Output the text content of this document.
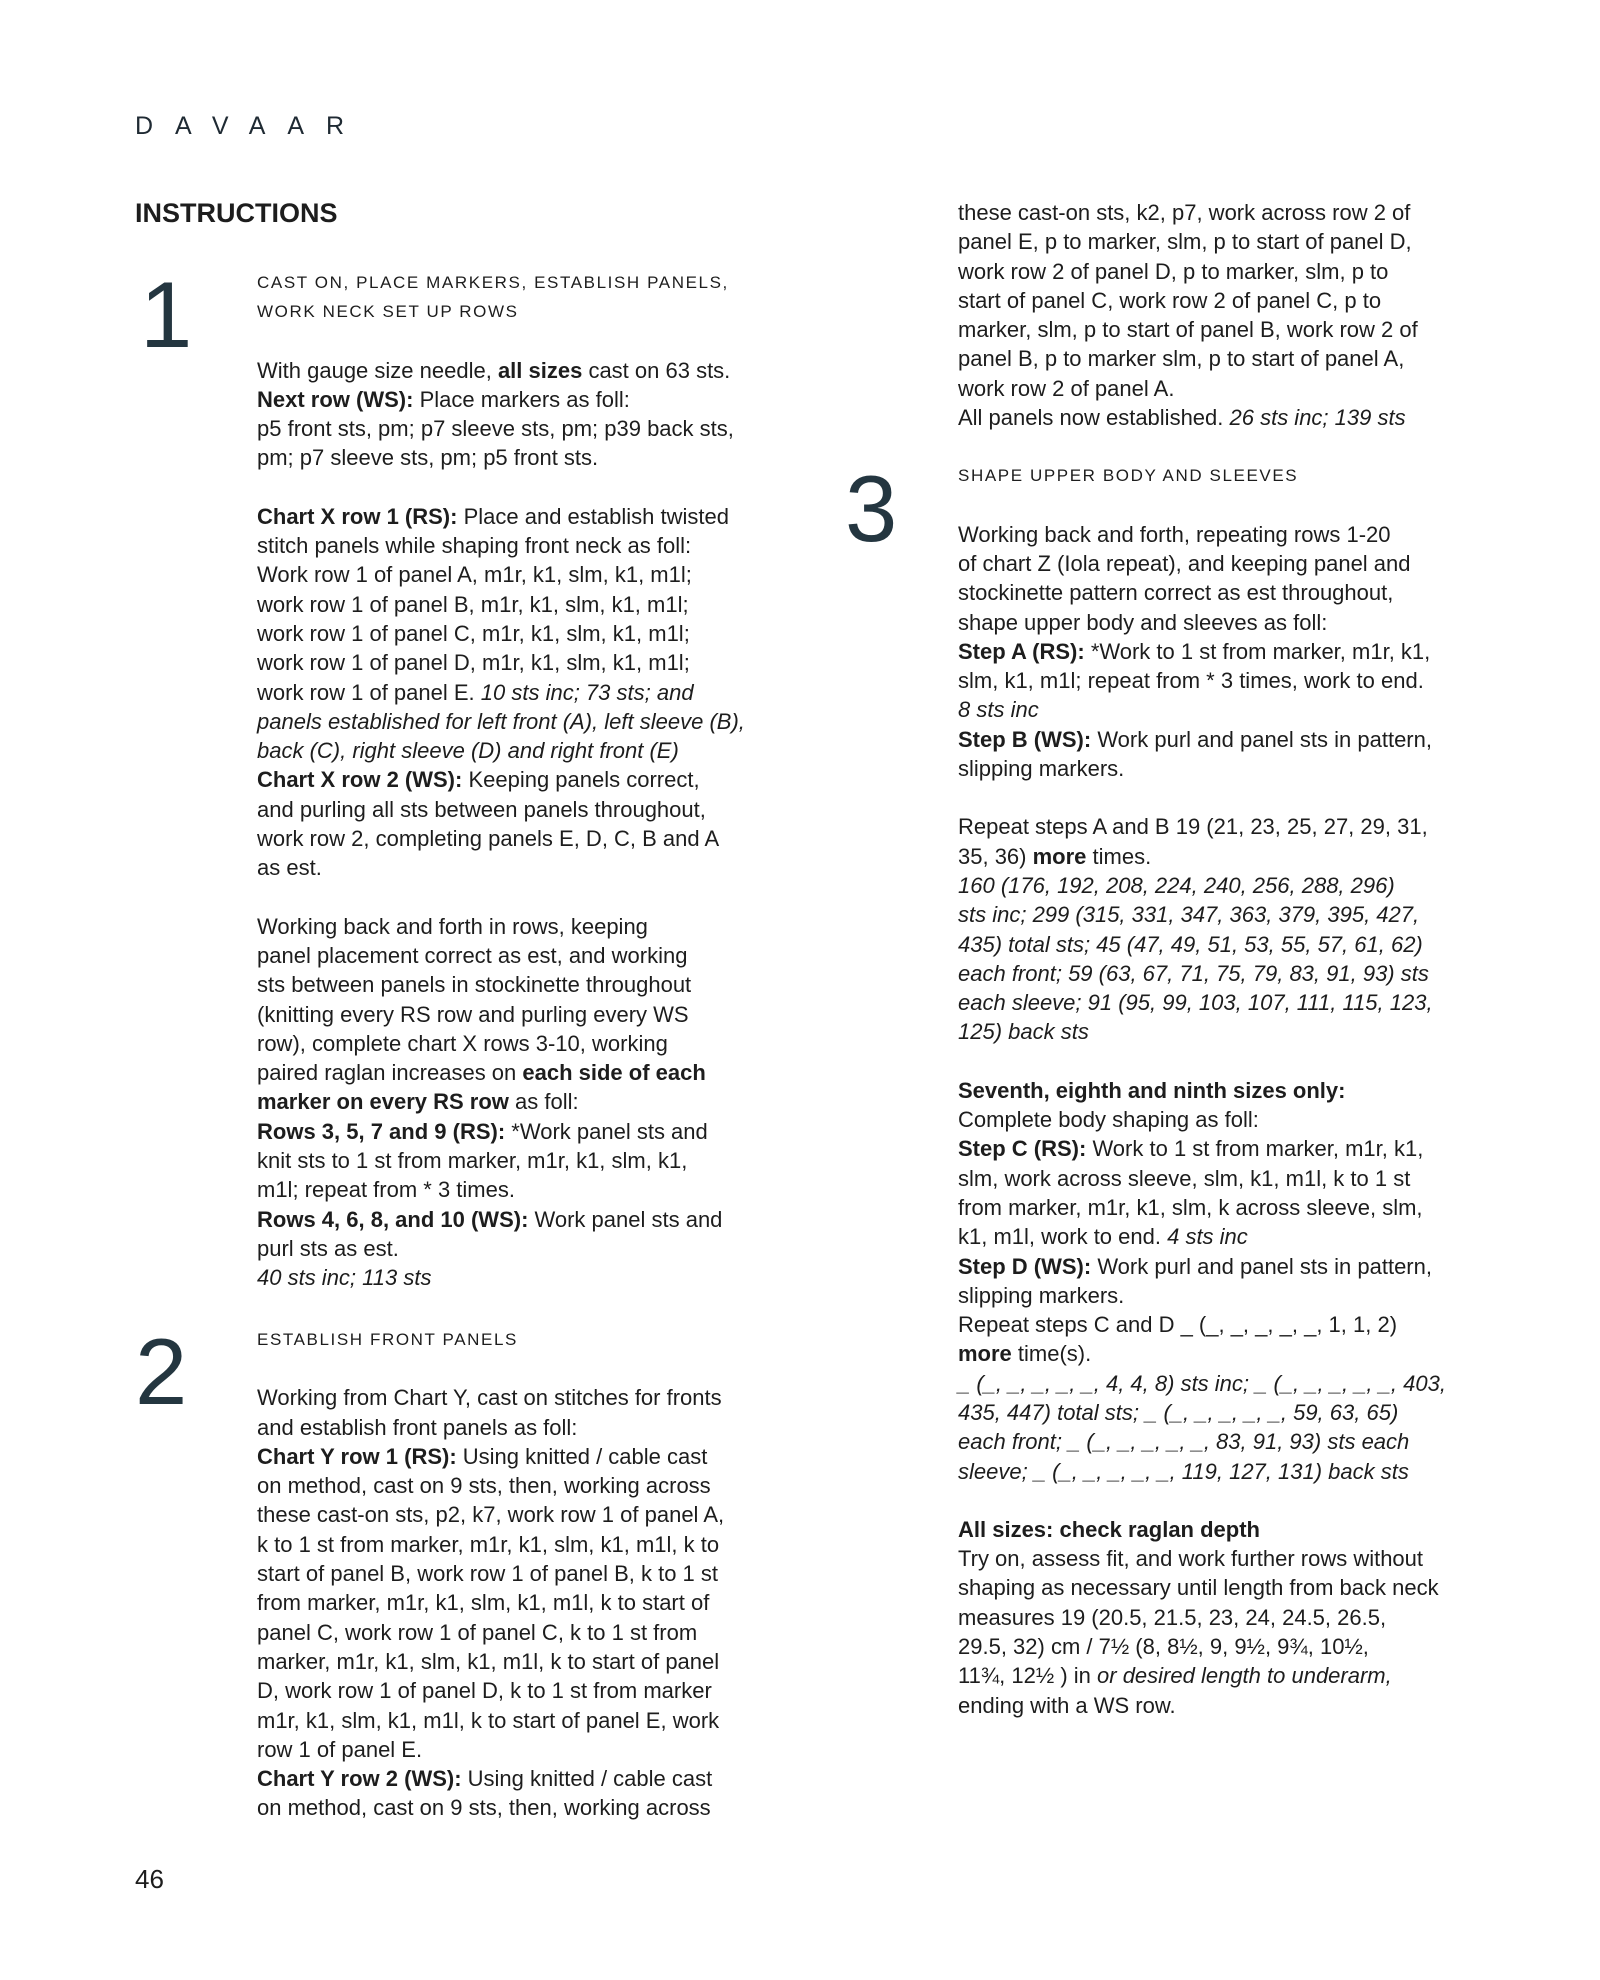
DAVAAR
INSTRUCTIONS
1
2
3
CAST ON, PLACE MARKERS, ESTABLISH PANELS,
WORK NECK SET UP ROWS

With gauge size needle, all sizes cast on 63 sts.

Next row (WS): Place markers as foll:

p5 front sts, pm; p7 sleeve sts, pm; p39 back sts,

pm; p7 sleeve sts, pm; p5 front sts.

Chart X row 1 (RS): Place and establish twisted

stitch panels while shaping front neck as foll:

Work row 1 of panel A, m1r, k1, slm, k1, m1l;

work row 1 of panel B, m1r, k1, slm, k1, m1l;

work row 1 of panel C, m1r, k1, slm, k1, m1l;

work row 1 of panel D, m1r, k1, slm, k1, m1l;

work row 1 of panel E. 10 sts inc; 73 sts; and

panels established for left front (A), left sleeve (B),

back (C), right sleeve (D) and right front (E)

Chart X row 2 (WS): Keeping panels correct,

and purling all sts between panels throughout,

work row 2, completing panels E, D, C, B and A

as est.

Working back and forth in rows, keeping

panel placement correct as est, and working

sts between panels in stockinette throughout

(knitting every RS row and purling every WS

row), complete chart X rows 3-10, working

paired raglan increases on each side of each

marker on every RS row as foll:

Rows 3, 5, 7 and 9 (RS): *Work panel sts and

knit sts to 1 st from marker, m1r, k1, slm, k1,

m1l; repeat from * 3 times.

Rows 4, 6, 8, and 10 (WS): Work panel sts and

purl sts as est.

40 sts inc; 113 sts

ESTABLISH FRONT PANELS

Working from Chart Y, cast on stitches for fronts

and establish front panels as foll:

Chart Y row 1 (RS): Using knitted / cable cast

on method, cast on 9 sts, then, working across

these cast-on sts, p2, k7, work row 1 of panel A,

k to 1 st from marker, m1r, k1, slm, k1, m1l, k to

start of panel B, work row 1 of panel B, k to 1 st

from marker, m1r, k1, slm, k1, m1l, k to start of

panel C, work row 1 of panel C, k to 1 st from

marker, m1r, k1, slm, k1, m1l, k to start of panel

D, work row 1 of panel D, k to 1 st from marker

m1r, k1, slm, k1, m1l, k to start of panel E, work

row 1 of panel E.

Chart Y row 2 (WS): Using knitted / cable cast

on method, cast on 9 sts, then, working across

these cast-on sts, k2, p7, work across row 2 of

panel E, p to marker, slm, p to start of panel D,

work row 2 of panel D, p to marker, slm, p to

start of panel C, work row 2 of panel C, p to

marker, slm, p to start of panel B, work row 2 of

panel B, p to marker slm, p to start of panel A,

work row 2 of panel A.

All panels now established. 26 sts inc; 139 sts

SHAPE UPPER BODY AND SLEEVES

Working back and forth, repeating rows 1-20

of chart Z (Iola repeat), and keeping panel and

stockinette pattern correct as est throughout,

shape upper body and sleeves as foll:

Step A (RS): *Work to 1 st from marker, m1r, k1,

slm, k1, m1l; repeat from * 3 times, work to end.

8 sts inc

Step B (WS): Work purl and panel sts in pattern,

slipping markers.

Repeat steps A and B 19 (21, 23, 25, 27, 29, 31,

35, 36) more times.

160 (176, 192, 208, 224, 240, 256, 288, 296)

sts inc; 299 (315, 331, 347, 363, 379, 395, 427,

435) total sts; 45 (47, 49, 51, 53, 55, 57, 61, 62)

each front; 59 (63, 67, 71, 75, 79, 83, 91, 93) sts

each sleeve; 91 (95, 99, 103, 107, 111, 115, 123,

125) back sts

Seventh, eighth and ninth sizes only:

Complete body shaping as foll:

Step C (RS): Work to 1 st from marker, m1r, k1,

slm, work across sleeve, slm, k1, m1l, k to 1 st

from marker, m1r, k1, slm, k across sleeve, slm,

k1, m1l, work to end. 4 sts inc

Step D (WS): Work purl and panel sts in pattern,

slipping markers.

Repeat steps C and D _ (_, _, _, _, _, 1, 1, 2)

more time(s).

_ (_, _, _, _, _, 4, 4, 8) sts inc; _ (_, _, _, _, _, 403,

435, 447) total sts; _ (_, _, _, _, _, 59, 63, 65)

each front; _ (_, _, _, _, _, 83, 91, 93) sts each

sleeve; _ (_, _, _, _, _, 119, 127, 131) back sts

All sizes: check raglan depth

Try on, assess fit, and work further rows without

shaping as necessary until length from back neck

measures 19 (20.5, 21.5, 23, 24, 24.5, 26.5,

29.5, 32) cm / 7½ (8, 8½, 9, 9½, 9¾, 10½,

11¾, 12½ ) in or desired length to underarm,

ending with a WS row.

46
